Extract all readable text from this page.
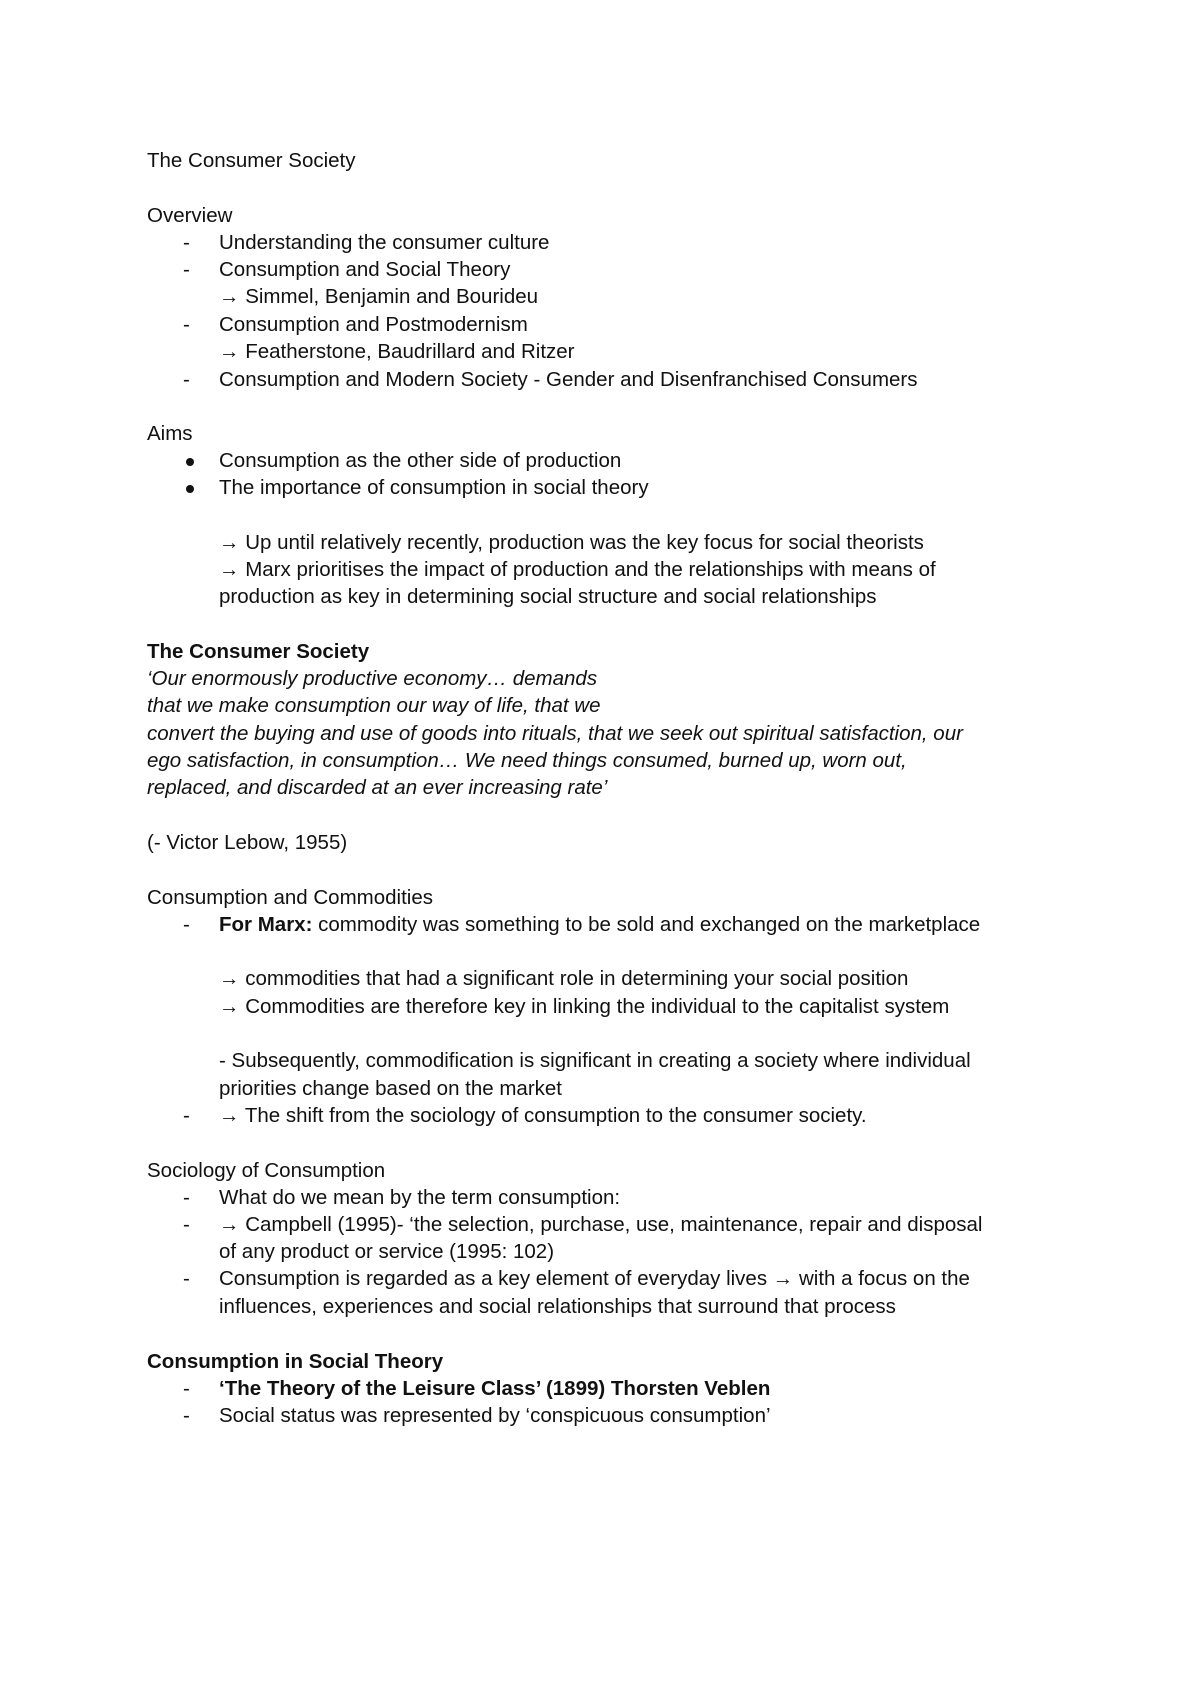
The Consumer Society
Overview
- Understanding the consumer culture
- Consumption and Social Theory
→ Simmel, Benjamin and Bourideu
- Consumption and Postmodernism
→ Featherstone, Baudrillard and Ritzer
- Consumption and Modern Society - Gender and Disenfranchised Consumers
Aims
Consumption as the other side of production
The importance of consumption in social theory
→ Up until relatively recently, production was the key focus for social theorists
→ Marx prioritises the impact of production and the relationships with means of
production as key in determining social structure and social relationships
The Consumer Society
‘Our enormously productive economy… demands
that we make consumption our way of life, that we
convert the buying and use of goods into rituals, that we seek out spiritual satisfaction, our
ego satisfaction, in consumption… We need things consumed, burned up, worn out,
replaced, and discarded at an ever increasing rate’
(- Victor Lebow, 1955)
Consumption and Commodities
- For Marx: commodity was something to be sold and exchanged on the marketplace
→ commodities that had a significant role in determining your social position
→ Commodities are therefore key in linking the individual to the capitalist system
- Subsequently, commodification is significant in creating a society where individual
priorities change based on the market
- → The shift from the sociology of consumption to the consumer society.
Sociology of Consumption
- What do we mean by the term consumption:
- → Campbell (1995)- ‘the selection, purchase, use, maintenance, repair and disposal
of any product or service (1995: 102)
- Consumption is regarded as a key element of everyday lives → with a focus on the
influences, experiences and social relationships that surround that process
Consumption in Social Theory
- ‘The Theory of the Leisure Class’ (1899) Thorsten Veblen
- Social status was represented by ‘conspicuous consumption’
